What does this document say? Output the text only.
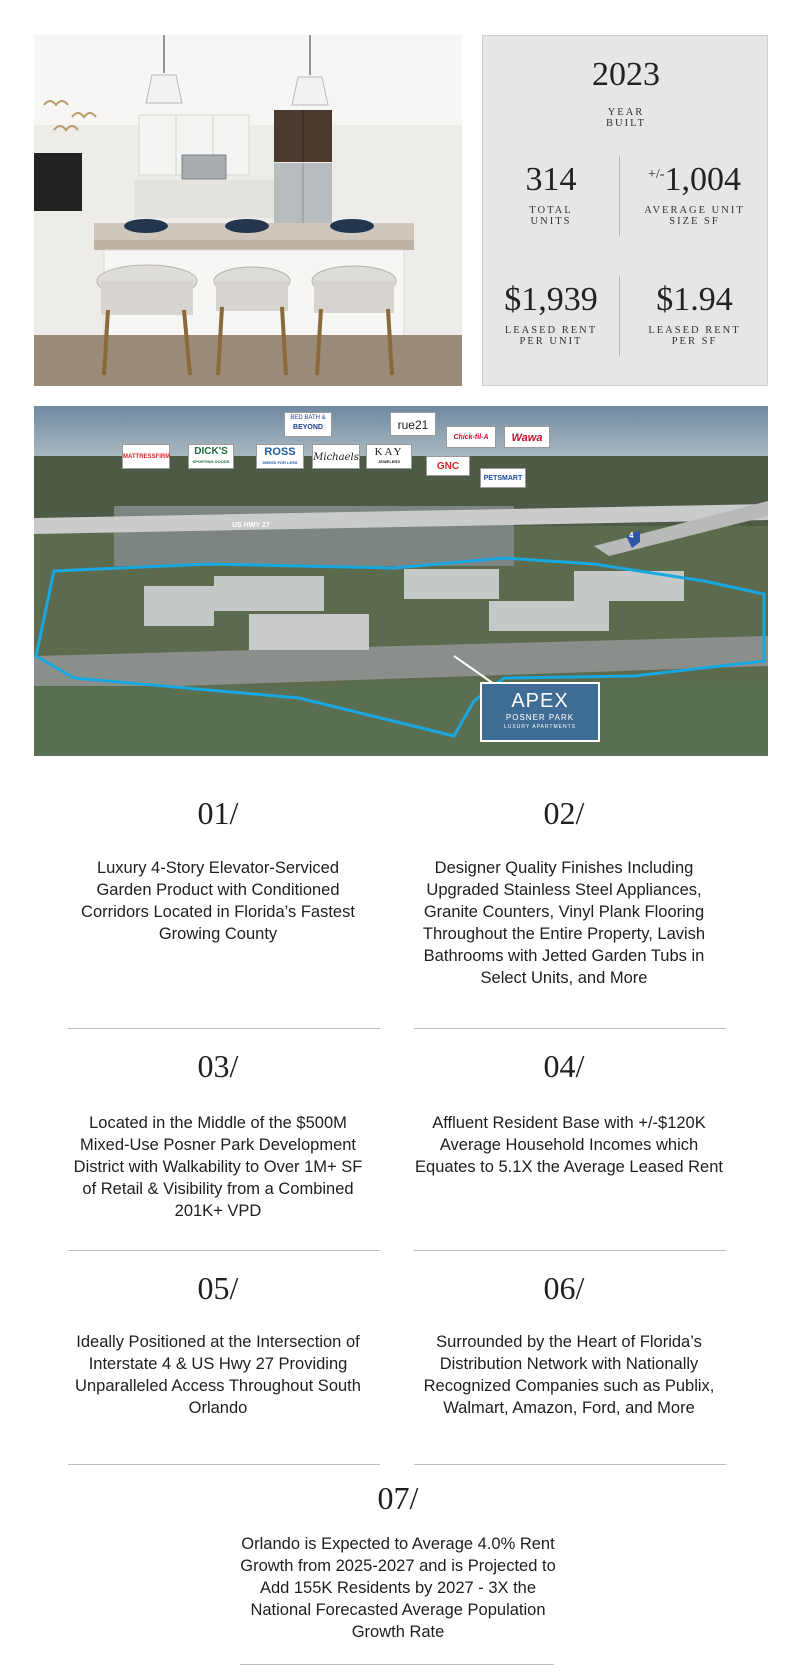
2023
YEAR
BUILT
314
TOTAL
UNITS
+/-1,004
AVERAGE UNIT
SIZE SF
$1,939
LEASED RENT
PER UNIT
$1.94
LEASED RENT
PER SF
US HWY 27
4
MATTRESSFIRM	DICK'S
SPORTING GOODS
ROSS
DRESS FOR LESS
BED BATH &
BEYOND
Michaels	KAY
JEWELERS
rue21
GNC
Chick-fil-A
PETSMART
Wawa
APEX
POSNER PARK
LUXURY APARTMENTS
01/
Luxury 4-Story Elevator-Serviced Garden Product with Conditioned Corridors Located in Florida’s Fastest Growing County
02/
Designer Quality Finishes Including Upgraded Stainless Steel Appliances, Granite Counters, Vinyl Plank Flooring Throughout the Entire Property, Lavish Bathrooms with Jetted Garden Tubs in Select Units, and More
03/
Located in the Middle of the $500M Mixed-Use Posner Park Development District with Walkability to Over 1M+ SF of Retail & Visibility from a Combined 201K+ VPD
04/
Affluent Resident Base with +/-$120K Average Household Incomes which Equates to 5.1X the Average Leased Rent
05/
Ideally Positioned at the Intersection of Interstate 4 & US Hwy 27 Providing Unparalleled Access Throughout South Orlando
06/
Surrounded by the Heart of Florida’s Distribution Network with Nationally Recognized Companies such as Publix, Walmart, Amazon, Ford, and More
07/
Orlando is Expected to Average 4.0% Rent Growth from 2025-2027 and is Projected to Add 155K Residents by 2027 - 3X the National Forecasted Average Population Growth Rate
